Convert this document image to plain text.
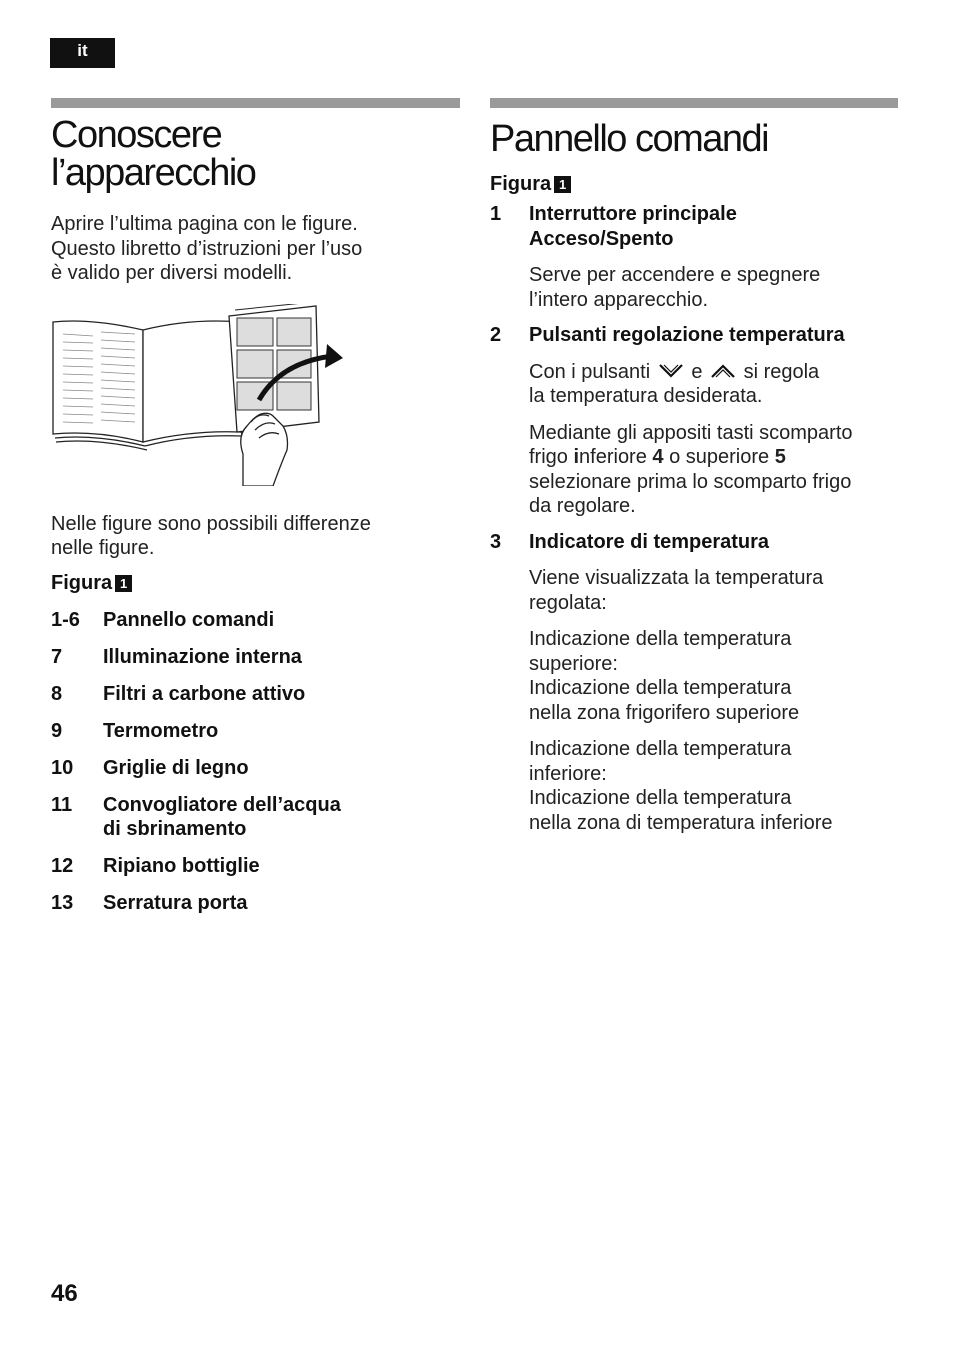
it
Conoscere
l’apparecchio

Aprire l’ultima pagina con le figure.
Questo libretto d’istruzioni per l’uso
è valido per diversi modelli.

Nelle figure sono possibili differenze
nelle figure.

Figura 1
1-6	Pannello comandi
7	Illuminazione interna
8	Filtri a carbone attivo
9	Termometro
10	Griglie di legno
11	Convogliatore dell’acqua
di sbrinamento
12	Ripiano bottiglie
13	Serratura porta
Pannello comandi
Figura 1
1	Interruttore principale
Acceso/Spento

Serve per accendere e spegnere
l’intero apparecchio.

2	Pulsanti regolazione temperatura

Con i pulsanti e si regola
la temperatura desiderata.

Mediante gli appositi tasti scomparto
frigo inferiore 4 o superiore 5
selezionare prima lo scomparto frigo
da regolare.

3	Indicatore di temperatura

Viene visualizzata la temperatura
regolata:

Indicazione della temperatura
superiore:
Indicazione della temperatura
nella zona frigorifero superiore

Indicazione della temperatura
inferiore:
Indicazione della temperatura
nella zona di temperatura inferiore

46
